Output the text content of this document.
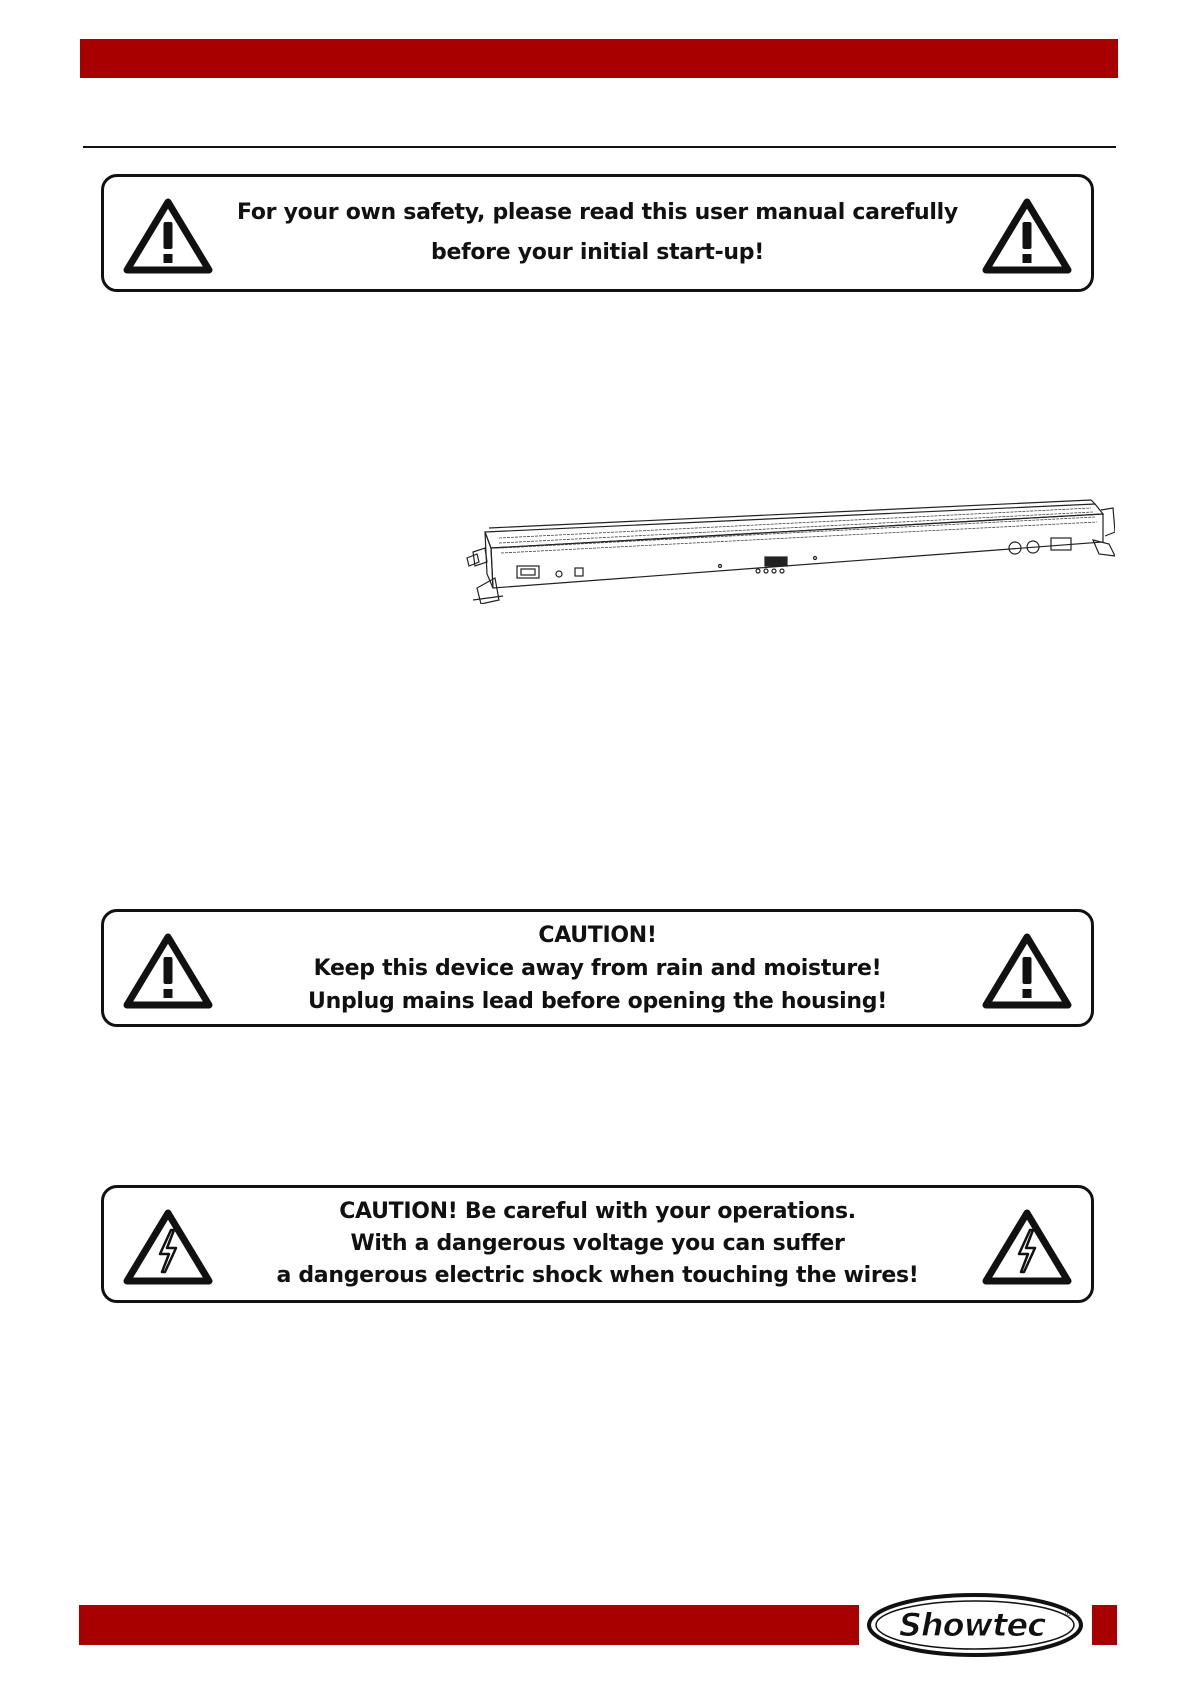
For your own safety, please read this user manual carefully
before your initial start-up!
CAUTION!
Keep this device away from rain and moisture!
Unplug mains lead before opening the housing!
CAUTION! Be careful with your operations.
With a dangerous voltage you can suffer
a dangerous electric shock when touching the wires!
Showtec ®
